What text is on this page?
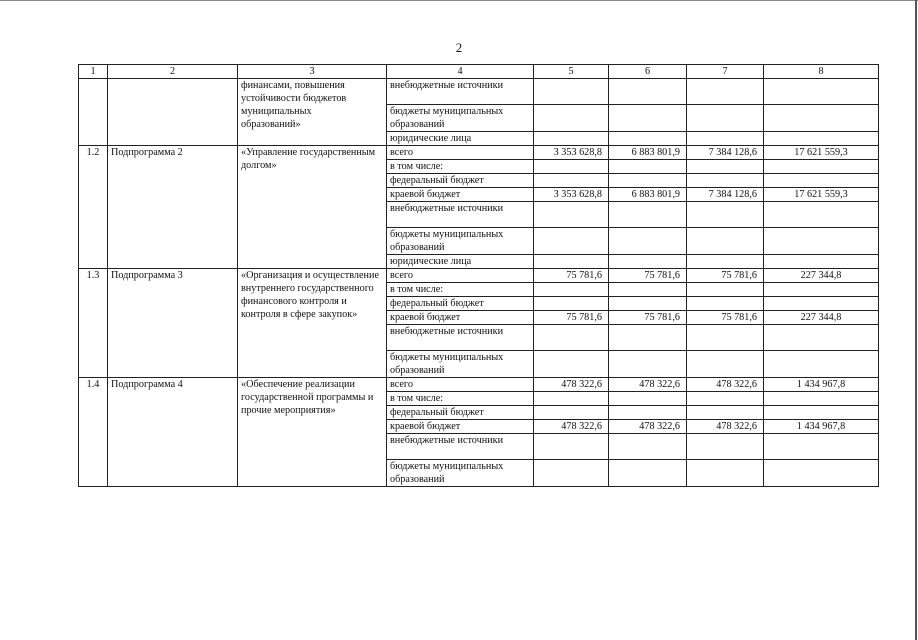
2
1	2	3	4	5	6	7	8

		финансами, повышения
устойчивости бюджетов
муниципальных
образований»	внебюджетные источники				
			бюджеты муниципальных образований				
			юридические лица				
1.2	Подпрограмма 2	«Управление государственным долгом»	всего	3 353 628,8	6 883 801,9	7 384 128,6	17 621 559,3
			в том числе:				
			федеральный бюджет				
			краевой бюджет	3 353 628,8	6 883 801,9	7 384 128,6	17 621 559,3
			внебюджетные источники				
			бюджеты муниципальных образований				
			юридические лица				
1.3	Подпрограмма 3	«Организация и осуществление внутреннего государственного финансового контроля и контроля в сфере закупок»	всего	75 781,6	75 781,6	75 781,6	227 344,8
			в том числе:				
			федеральный бюджет				
			краевой бюджет	75 781,6	75 781,6	75 781,6	227 344,8
			внебюджетные источники				
			бюджеты муниципальных образований				
1.4	Подпрограмма 4	«Обеспечение реализации государственной программы и прочие мероприятия»	всего	478 322,6	478 322,6	478 322,6	1 434 967,8
			в том числе:				
			федеральный бюджет				
			краевой бюджет	478 322,6	478 322,6	478 322,6	1 434 967,8
			внебюджетные источники				
			бюджеты муниципальных образований				
